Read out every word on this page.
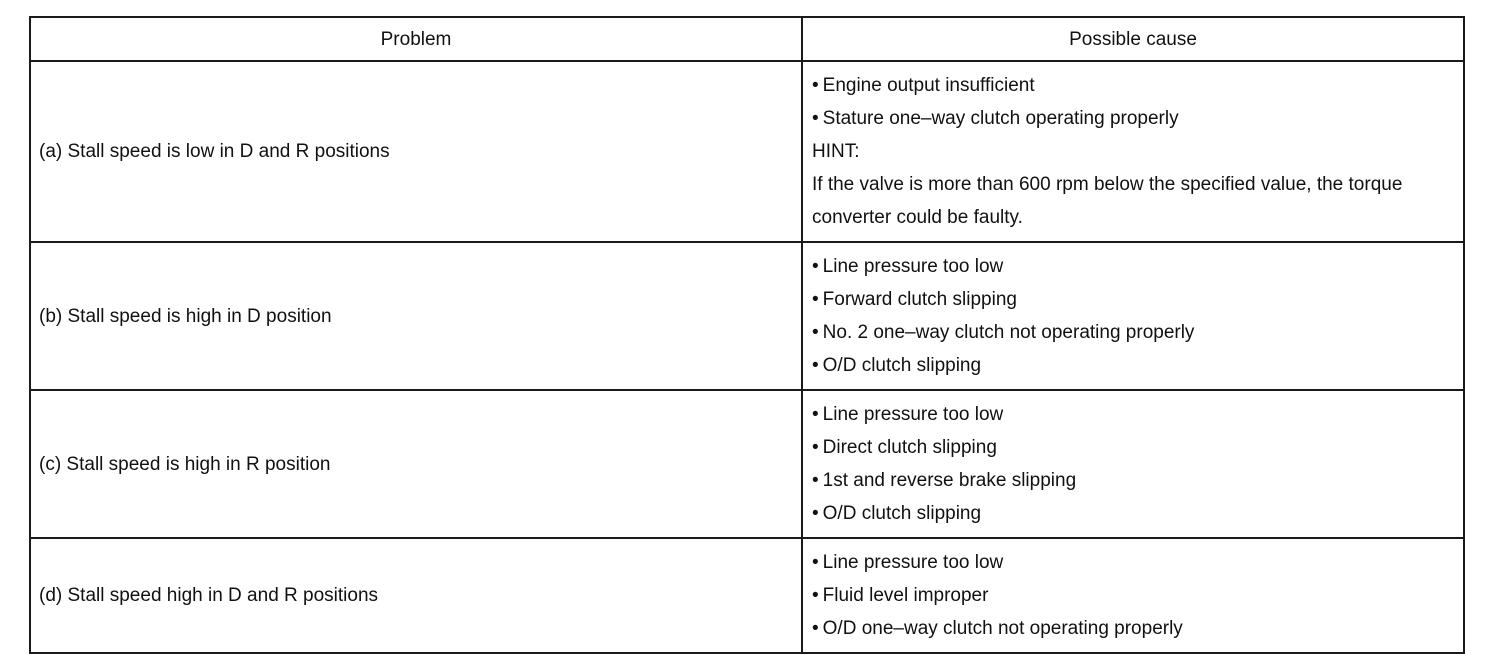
Problem	Possible cause
(a) Stall speed is low in D and R positions	• Engine output insufficient
• Stature one–way clutch operating properly
HINT:
If the valve is more than 600 rpm below the specified value, the torque converter could be faulty.

(b) Stall speed is high in D position	• Line pressure too low
• Forward clutch slipping
• No. 2 one–way clutch not operating properly
• O/D clutch slipping

(c) Stall speed is high in R position	• Line pressure too low
• Direct clutch slipping
• 1st and reverse brake slipping
• O/D clutch slipping

(d) Stall speed high in D and R positions	• Line pressure too low
• Fluid level improper
• O/D one–way clutch not operating properly
